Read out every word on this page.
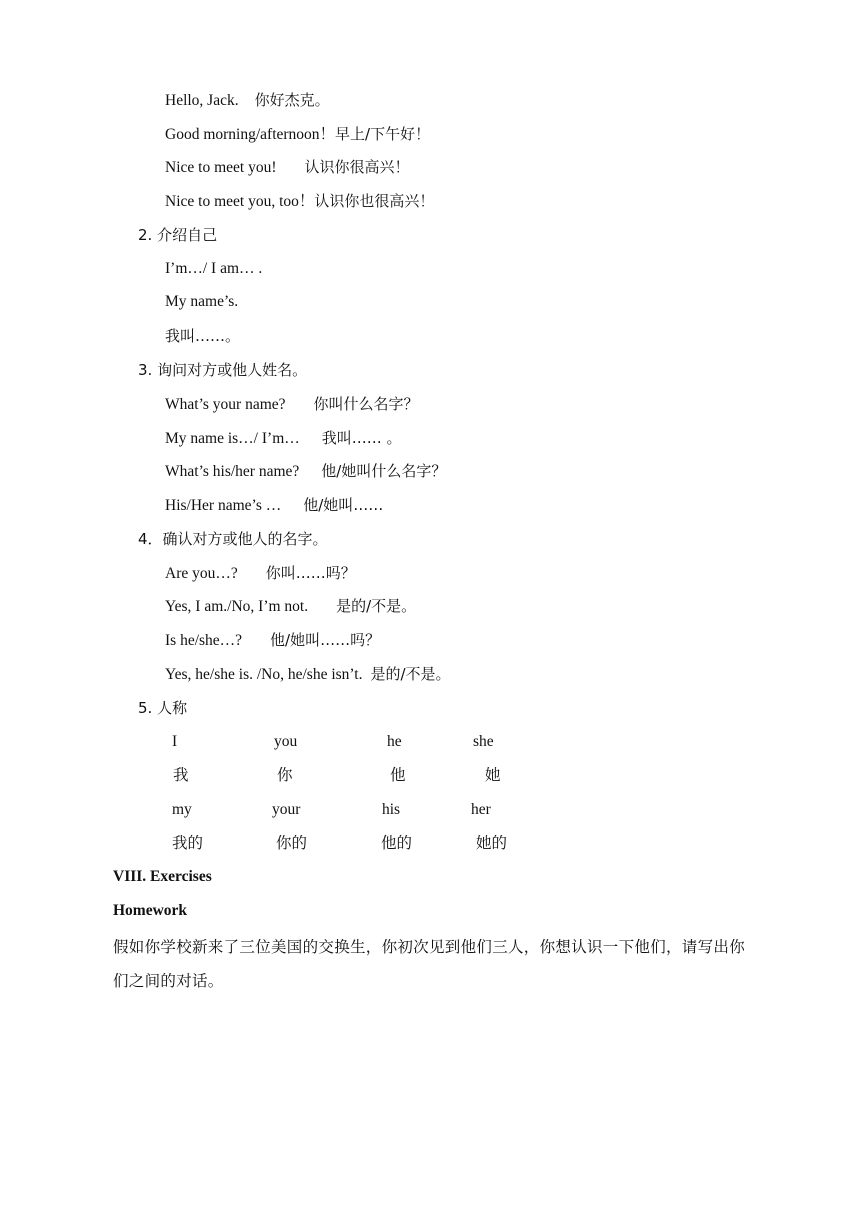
Hello, Jack. 你好杰克。
Good morning/afternoon！早上/下午好！
Nice to meet you! 认识你很高兴！
Nice to meet you, too！认识你也很高兴！
2. 介绍自己
I’m…/ I am… .
My name’s.
我叫……。
3. 询问对方或他人姓名。
What’s your name? 你叫什么名字？
My name is…/ I’m… 我叫…… 。
What’s his/her name? 他/她叫什么名字？
His/Her name’s … 他/她叫……
4．确认对方或他人的名字。
Are you…? 你叫……吗？
Yes, I am./No, I’m not. 是的/不是。
Is he/she…? 他/她叫……吗？
Yes, he/she is. /No, he/she isn’t. 是的/不是。
5. 人称
I	you	he	she
我	你	他	她
my	your	his	her
我的	你的	他的	她的
VIII. Exercises
Homework
假如你学校新来了三位美国的交换生，你初次见到他们三人，你想认识一下他们，请写出你们之间的对话。
